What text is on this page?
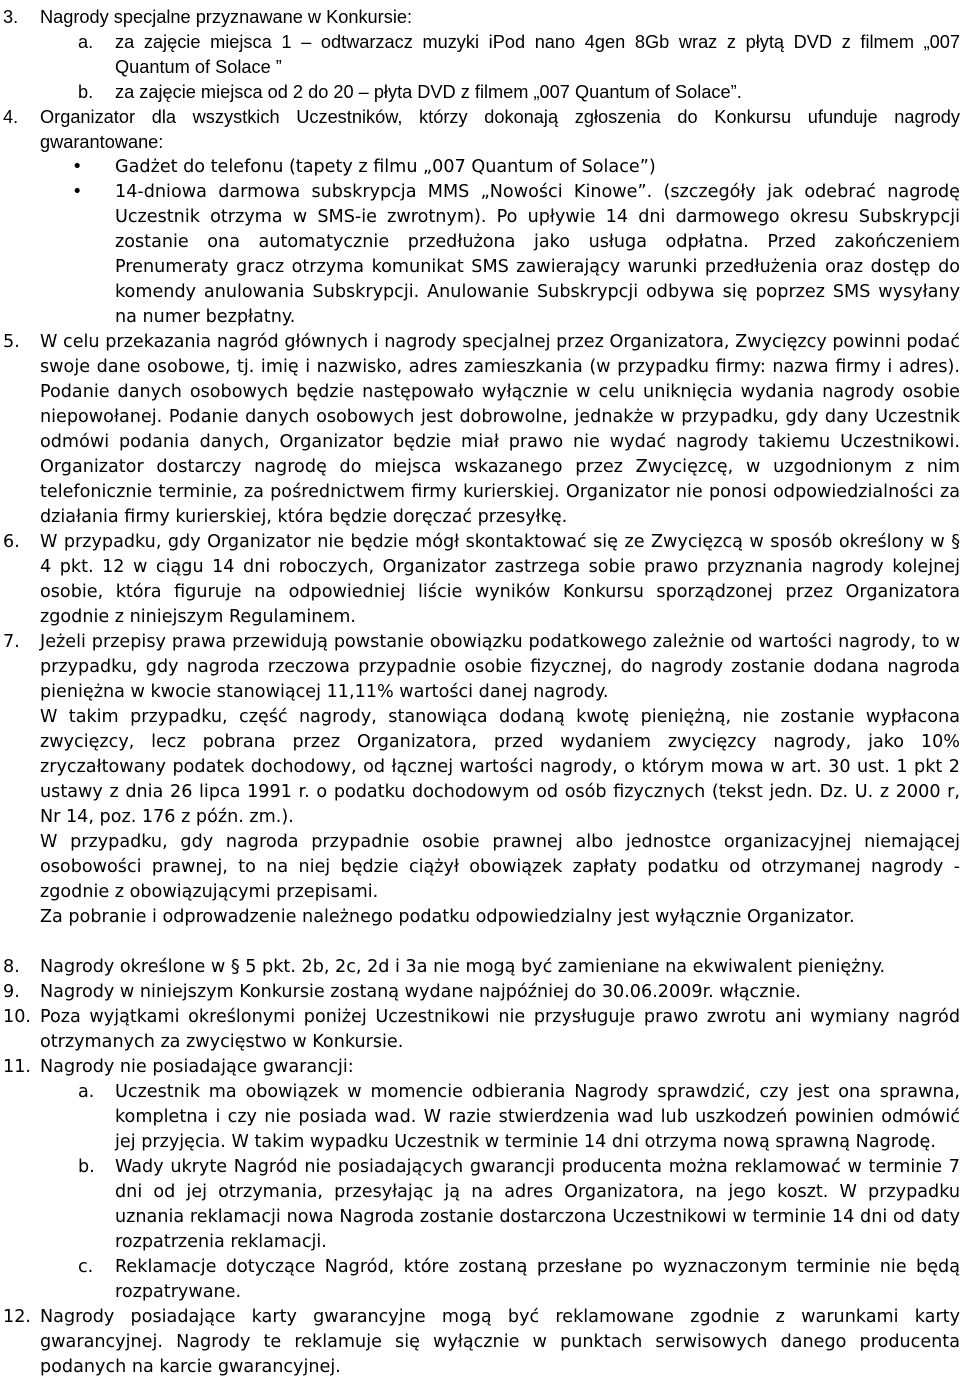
3. Nagrody specjalne przyznawane w Konkursie:
a. za zajęcie miejsca 1 – odtwarzacz muzyki iPod nano 4gen 8Gb wraz z płytą DVD z filmem „007 Quantum of Solace ”
b. za zajęcie miejsca od 2 do 20 – płyta DVD z filmem „007 Quantum of Solace”.
4. Organizator dla wszystkich Uczestników, którzy dokonają zgłoszenia do Konkursu ufunduje nagrody gwarantowane:
• Gadżet do telefonu (tapety z filmu „007 Quantum of Solace”)
• 14-dniowa darmowa subskrypcja MMS „Nowości Kinowe”. (szczegóły jak odebrać nagrodę Uczestnik otrzyma w SMS-ie zwrotnym). Po upływie 14 dni darmowego okresu Subskrypcji zostanie ona automatycznie przedłużona jako usługa odpłatna. Przed zakończeniem Prenumeraty gracz otrzyma komunikat SMS zawierający warunki przedłużenia oraz dostęp do komendy anulowania Subskrypcji. Anulowanie Subskrypcji odbywa się poprzez SMS wysyłany na numer bezpłatny.
5. W celu przekazania nagród głównych i nagrody specjalnej przez Organizatora, Zwycięzcy powinni podać swoje dane osobowe, tj. imię i nazwisko, adres zamieszkania (w przypadku firmy: nazwa firmy i adres). Podanie danych osobowych będzie następowało wyłącznie w celu uniknięcia wydania nagrody osobie niepowołanej. Podanie danych osobowych jest dobrowolne, jednakże w przypadku, gdy dany Uczestnik odmówi podania danych, Organizator będzie miał prawo nie wydać nagrody takiemu Uczestnikowi. Organizator dostarczy nagrodę do miejsca wskazanego przez Zwycięzcę, w uzgodnionym z nim telefonicznie terminie, za pośrednictwem firmy kurierskiej. Organizator nie ponosi odpowiedzialności za działania firmy kurierskiej, która będzie doręczać przesyłkę.
6. W przypadku, gdy Organizator nie będzie mógł skontaktować się ze Zwycięzcą w sposób określony w § 4 pkt. 12 w ciągu 14 dni roboczych, Organizator zastrzega sobie prawo przyznania nagrody kolejnej osobie, która figuruje na odpowiedniej liście wyników Konkursu sporządzonej przez Organizatora zgodnie z niniejszym Regulaminem.
7. Jeżeli przepisy prawa przewidują powstanie obowiązku podatkowego zależnie od wartości nagrody, to w przypadku, gdy nagroda rzeczowa przypadnie osobie fizycznej, do nagrody zostanie dodana nagroda pieniężna w kwocie stanowiącej 11,11% wartości danej nagrody.
W takim przypadku, część nagrody, stanowiąca dodaną kwotę pieniężną, nie zostanie wypłacona zwycięzcy, lecz pobrana przez Organizatora, przed wydaniem zwycięzcy nagrody, jako 10% zryczałtowany podatek dochodowy, od łącznej wartości nagrody, o którym mowa w art. 30 ust. 1 pkt 2 ustawy z dnia 26 lipca 1991 r. o podatku dochodowym od osób fizycznych (tekst jedn. Dz. U. z 2000 r, Nr 14, poz. 176 z późn. zm.).
W przypadku, gdy nagroda przypadnie osobie prawnej albo jednostce organizacyjnej niemającej osobowości prawnej, to na niej będzie ciążył obowiązek zapłaty podatku od otrzymanej nagrody - zgodnie z obowiązującymi przepisami.
Za pobranie i odprowadzenie należnego podatku odpowiedzialny jest wyłącznie Organizator.
8. Nagrody określone w § 5 pkt. 2b, 2c, 2d i 3a nie mogą być zamieniane na ekwiwalent pieniężny.
9. Nagrody w niniejszym Konkursie zostaną wydane najpóźniej do 30.06.2009r. włącznie.
10. Poza wyjątkami określonymi poniżej Uczestnikowi nie przysługuje prawo zwrotu ani wymiany nagród otrzymanych za zwycięstwo w Konkursie.
11. Nagrody nie posiadające gwarancji:
a. Uczestnik ma obowiązek w momencie odbierania Nagrody sprawdzić, czy jest ona sprawna, kompletna i czy nie posiada wad. W razie stwierdzenia wad lub uszkodzeń powinien odmówić jej przyjęcia. W takim wypadku Uczestnik w terminie 14 dni otrzyma nową sprawną Nagrodę.
b. Wady ukryte Nagród nie posiadających gwarancji producenta można reklamować w terminie 7 dni od jej otrzymania, przesyłając ją na adres Organizatora, na jego koszt. W przypadku uznania reklamacji nowa Nagroda zostanie dostarczona Uczestnikowi w terminie 14 dni od daty rozpatrzenia reklamacji.
c. Reklamacje dotyczące Nagród, które zostaną przesłane po wyznaczonym terminie nie będą rozpatrywane.
12. Nagrody posiadające karty gwarancyjne mogą być reklamowane zgodnie z warunkami karty gwarancyjnej. Nagrody te reklamuje się wyłącznie w punktach serwisowych danego producenta podanych na karcie gwarancyjnej.
